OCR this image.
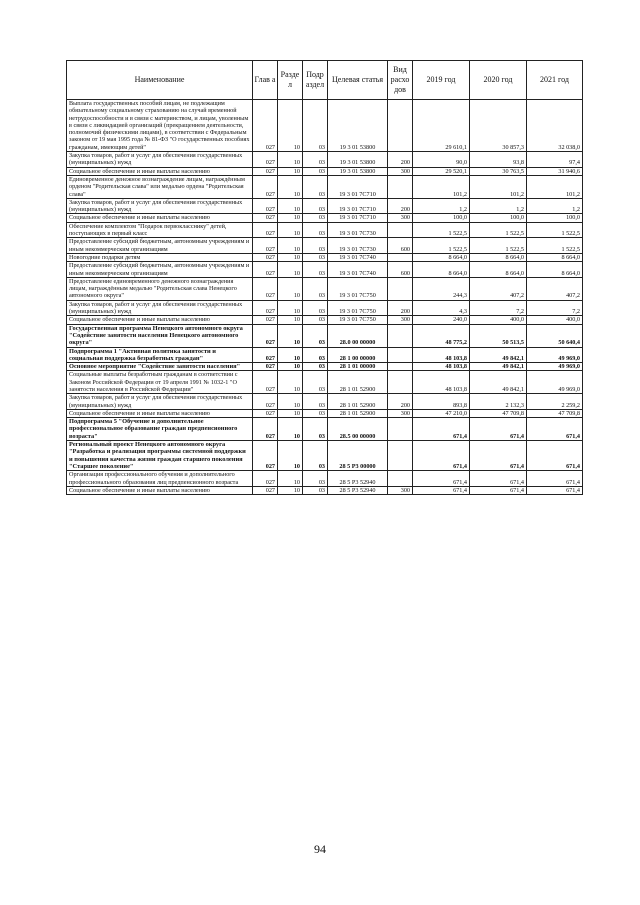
Наименование	Глав а	Разде л	Подр аздел	Целевая статья	Вид расхо дов	2019 год	2020 год	2021 год
Выплата государственных пособий лицам, не подлежащим обязательному социальному страхованию на случай временной нетрудоспособности и в связи с материнством, и лицам, уволенным в связи с ликвидацией организаций (прекращением деятельности, полномочий физическими лицами), в соответствии с Федеральным законом от 19 мая 1995 года № 81-ФЗ "О государственных пособиях гражданам, имеющим детей"	027	10	03	19 3 01 53800		29 610,1	30 857,3	32 038,0
Закупка товаров, работ и услуг для обеспечения государственных (муниципальных) нужд	027	10	03	19 3 01 53800	200	90,0	93,8	97,4
Социальное обеспечение и иные выплаты населению	027	10	03	19 3 01 53800	300	29 520,1	30 763,5	31 940,6
Единовременное денежное вознаграждение лицам, награждённым орденом "Родительская слава" или медалью ордена "Родительская слава"	027	10	03	19 3 01 7С710		101,2	101,2	101,2
Закупка товаров, работ и услуг для обеспечения государственных (муниципальных) нужд	027	10	03	19 3 01 7С710	200	1,2	1,2	1,2
Социальное обеспечение и иные выплаты населению	027	10	03	19 3 01 7С710	300	100,0	100,0	100,0
Обеспечение комплектом "Подарок первокласснику" детей, поступающих в первый класс	027	10	03	19 3 01 7С730		1 522,5	1 522,5	1 522,5
Предоставление субсидий бюджетным, автономным учреждениям и иным некоммерческим организациям	027	10	03	19 3 01 7С730	600	1 522,5	1 522,5	1 522,5
Новогодние подарки детям	027	10	03	19 3 01 7С740		8 664,0	8 664,0	8 664,0
Предоставление субсидий бюджетным, автономным учреждениям и иным некоммерческим организациям	027	10	03	19 3 01 7С740	600	8 664,0	8 664,0	8 664,0
Предоставление единовременного денежного вознаграждения лицам, награждённым медалью "Родительская слава Ненецкого автономного округа"	027	10	03	19 3 01 7С750		244,3	407,2	407,2
Закупка товаров, работ и услуг для обеспечения государственных (муниципальных) нужд	027	10	03	19 3 01 7С750	200	4,3	7,2	7,2
Социальное обеспечение и иные выплаты населению	027	10	03	19 3 01 7С750	300	240,0	400,0	400,0
Государственная программа Ненецкого автономного округа "Содействие занятости населения Ненецкого автономного округа"	027	10	03	28.0 00 00000		48 775,2	50 513,5	50 640,4
Подпрограмма 1 "Активная политика занятости и социальная поддержка безработных граждан"	027	10	03	28 1 00 00000		48 103,8	49 842,1	49 969,0
Основное мероприятие "Содействие занятости населения"	027	10	03	28 1 01 00000		48 103,8	49 842,1	49 969,0
Социальные выплаты безработным гражданам в соответствии с Законом Российской Федерации от 19 апреля 1991 № 1032-1 "О занятости населения в Российской Федерации"	027	10	03	28 1 01 52900		48 103,8	49 842,1	49 969,0
Закупка товаров, работ и услуг для обеспечения государственных (муниципальных) нужд	027	10	03	28 1 01 52900	200	893,8	2 132,3	2 259,2
Социальное обеспечение и иные выплаты населению	027	10	03	28 1 01 52900	300	47 210,0	47 709,8	47 709,8
Подпрограмма 5 "Обучение и дополнительное профессиональное образование граждан предпенсионного возраста"	027	10	03	28.5 00 00000		671,4	671,4	671,4
Региональный проект Ненецкого автономного округа "Разработка и реализация программы системной поддержки и повышения качества жизни граждан старшего поколения "Старшее поколение"	027	10	03	28 5 P3 00000		671,4	671,4	671,4
Организация профессионального обучения и дополнительного профессионального образования лиц предпенсионного возраста	027	10	03	28 5 P3 52940		671,4	671,4	671,4
Социальное обеспечение и иные выплаты населению	027	10	03	28 5 P3 52940	300	671,4	671,4	671,4
94
